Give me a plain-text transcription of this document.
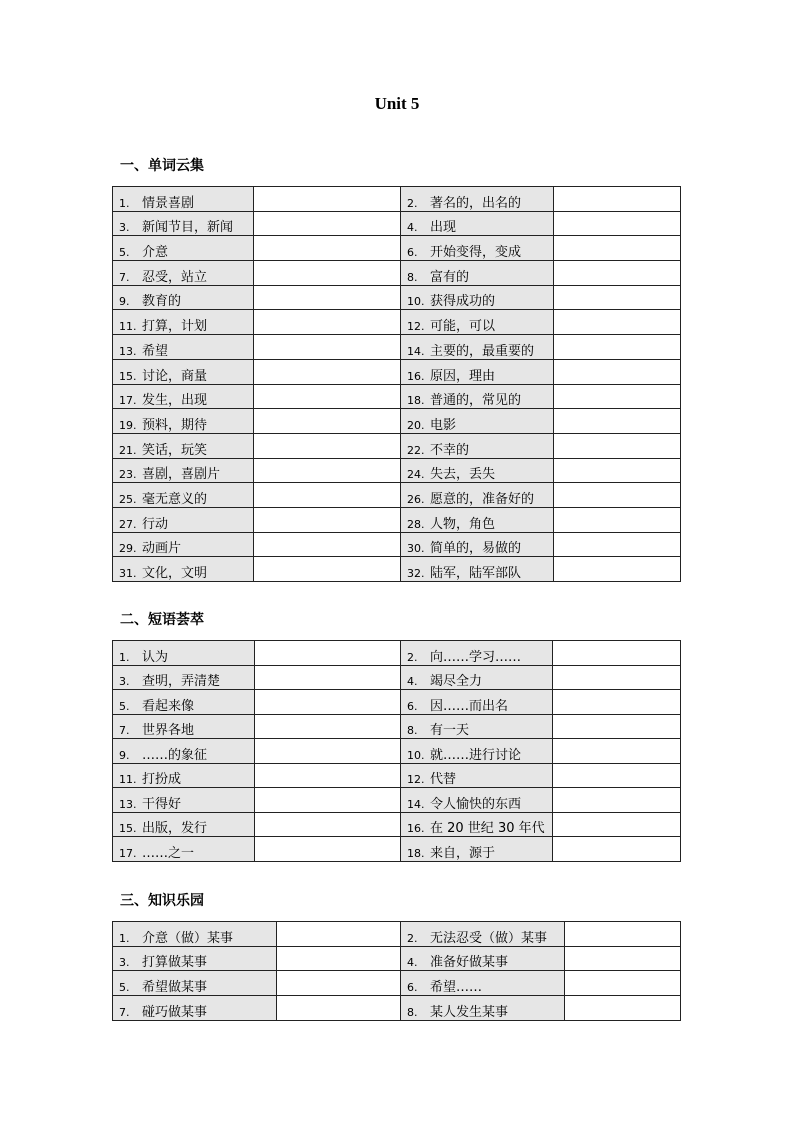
Unit 5
一、单词云集
1. 情景喜剧		2. 著名的，出名的	
3. 新闻节目，新闻		4. 出现	
5. 介意		6. 开始变得，变成	
7. 忍受，站立		8. 富有的	
9. 教育的		10. 获得成功的	
11. 打算，计划		12. 可能，可以	
13. 希望		14. 主要的，最重要的	
15. 讨论，商量		16. 原因，理由	
17. 发生，出现		18. 普通的，常见的	
19. 预料，期待		20. 电影	
21. 笑话，玩笑		22. 不幸的	
23. 喜剧，喜剧片		24. 失去，丢失	
25. 毫无意义的		26. 愿意的，准备好的	
27. 行动		28. 人物，角色	
29. 动画片		30. 简单的，易做的	
31. 文化，文明		32. 陆军，陆军部队	
二、短语荟萃
1. 认为		2. 向……学习……	
3. 查明，弄清楚		4. 竭尽全力	
5. 看起来像		6. 因……而出名	
7. 世界各地		8. 有一天	
9. ……的象征		10. 就……进行讨论	
11. 打扮成		12. 代替	
13. 干得好		14. 令人愉快的东西	
15. 出版，发行		16. 在 20 世纪 30 年代	
17. ……之一		18. 来自，源于	
三、知识乐园
1. 介意（做）某事		2. 无法忍受（做）某事	
3. 打算做某事		4. 准备好做某事	
5. 希望做某事		6. 希望……	
7. 碰巧做某事		8. 某人发生某事	
